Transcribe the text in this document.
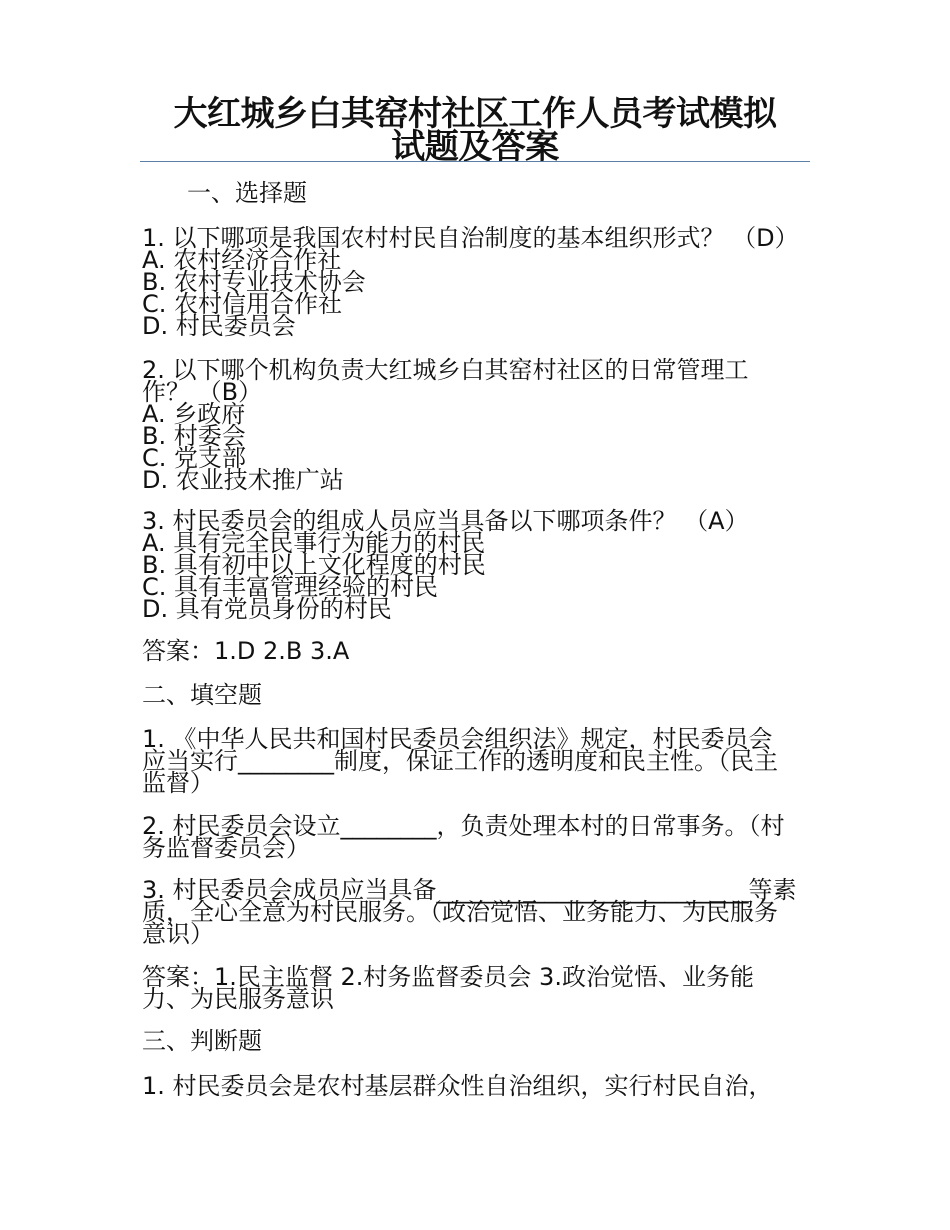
大红城乡白其窑村社区工作人员考试模拟
试题及答案
一、选择题
1. 以下哪项是我国农村村民自治制度的基本组织形式？ （D）
A. 农村经济合作社
B. 农村专业技术协会
C. 农村信用合作社
D. 村民委员会
2. 以下哪个机构负责大红城乡白其窑村社区的日常管理工
作？ （B）
A. 乡政府
B. 村委会
C. 党支部
D. 农业技术推广站
3. 村民委员会的组成人员应当具备以下哪项条件？ （A）
A. 具有完全民事行为能力的村民
B. 具有初中以上文化程度的村民
C. 具有丰富管理经验的村民
D. 具有党员身份的村民
答案：1.D 2.B 3.A
二、填空题
1. 《中华人民共和国村民委员会组织法》规定，村民委员会
应当实行________制度，保证工作的透明度和民主性。（民主
监督）
2. 村民委员会设立________，负责处理本村的日常事务。（村
务监督委员会）
3. 村民委员会成员应当具备__________________________等素
质，全心全意为村民服务。（政治觉悟、业务能力、为民服务
意识）
答案：1.民主监督 2.村务监督委员会 3.政治觉悟、业务能
力、为民服务意识
三、判断题
1. 村民委员会是农村基层群众性自治组织，实行村民自治，
